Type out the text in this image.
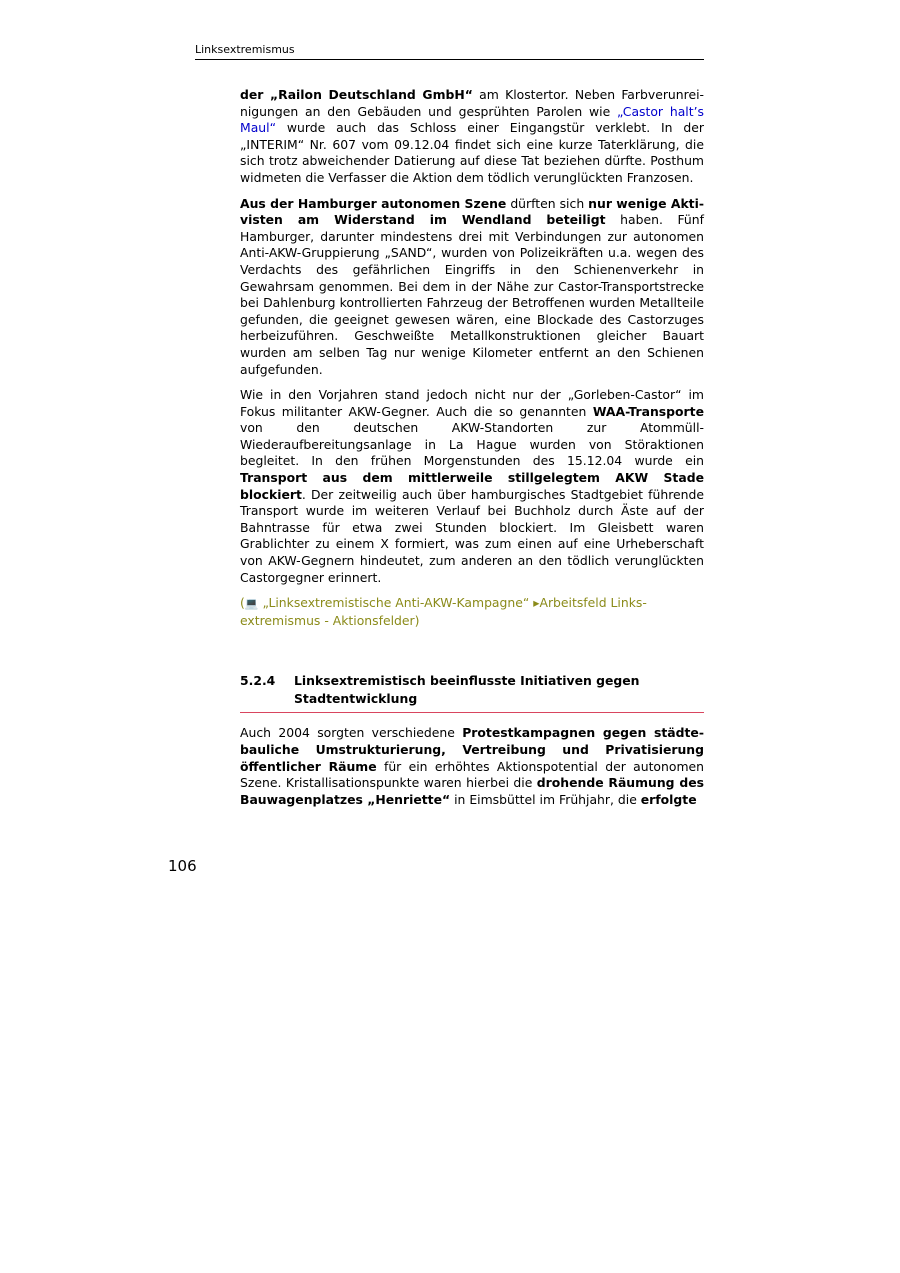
Linksextremismus

der „Railon Deutschland GmbH“ am Klostertor. Neben Farbverunreinigungen an den Gebäuden und gesprühten Parolen wie „Castor halt’s Maul“ wurde auch das Schloss einer Eingangstür verklebt. In der „INTERIM“ Nr. 607 vom 09.12.04 findet sich eine kurze Taterklärung, die sich trotz abweichender Datierung auf diese Tat beziehen dürfte. Posthum widmeten die Verfasser die Aktion dem tödlich verunglückten Franzosen.

Aus der Hamburger autonomen Szene dürften sich nur wenige Aktivisten am Widerstand im Wendland beteiligt haben. Fünf Hamburger, darunter mindestens drei mit Verbindungen zur autonomen Anti-AKW-Gruppierung „SAND“, wurden von Polizeikräften u.a. wegen des Verdachts des gefährlichen Eingriffs in den Schienenverkehr in Gewahrsam genommen. Bei dem in der Nähe zur Castor-Transportstrecke bei Dahlenburg kontrollierten Fahrzeug der Betroffenen wurden Metallteile gefunden, die geeignet gewesen wären, eine Blockade des Castorzuges herbeizuführen. Geschweißte Metallkonstruktionen gleicher Bauart wurden am selben Tag nur wenige Kilometer entfernt an den Schienen aufgefunden.

Wie in den Vorjahren stand jedoch nicht nur der „Gorleben-Castor“ im Fokus militanter AKW-Gegner. Auch die so genannten WAA-Transporte von den deutschen AKW-Standorten zur Atommüll-Wiederaufbereitungsanlage in La Hague wurden von Störaktionen begleitet. In den frühen Morgenstunden des 15.12.04 wurde ein Transport aus dem mittlerweile stillgelegtem AKW Stade blockiert. Der zeitweilig auch über hamburgisches Stadtgebiet führende Transport wurde im weiteren Verlauf bei Buchholz durch Äste auf der Bahntrasse für etwa zwei Stunden blockiert. Im Gleisbett waren Grablichter zu einem X formiert, was zum einen auf eine Urheberschaft von AKW-Gegnern hindeutet, zum anderen an den tödlich verunglückten Castorgegner erinnert.

(💻 „Linksextremistische Anti-AKW-Kampagne“ ▸Arbeitsfeld Linksextremismus - Aktionsfelder)

5.2.4	Linksextremistisch beeinflusste Initiativen gegen Stadtentwicklung

Auch 2004 sorgten verschiedene Protestkampagnen gegen städtebauliche Umstrukturierung, Vertreibung und Privatisierung öffentlicher Räume für ein erhöhtes Aktionspotential der autonomen Szene. Kristallisationspunkte waren hierbei die drohende Räumung des Bauwagenplatzes „Henriette“ in Eimsbüttel im Frühjahr, die erfolgte

106
